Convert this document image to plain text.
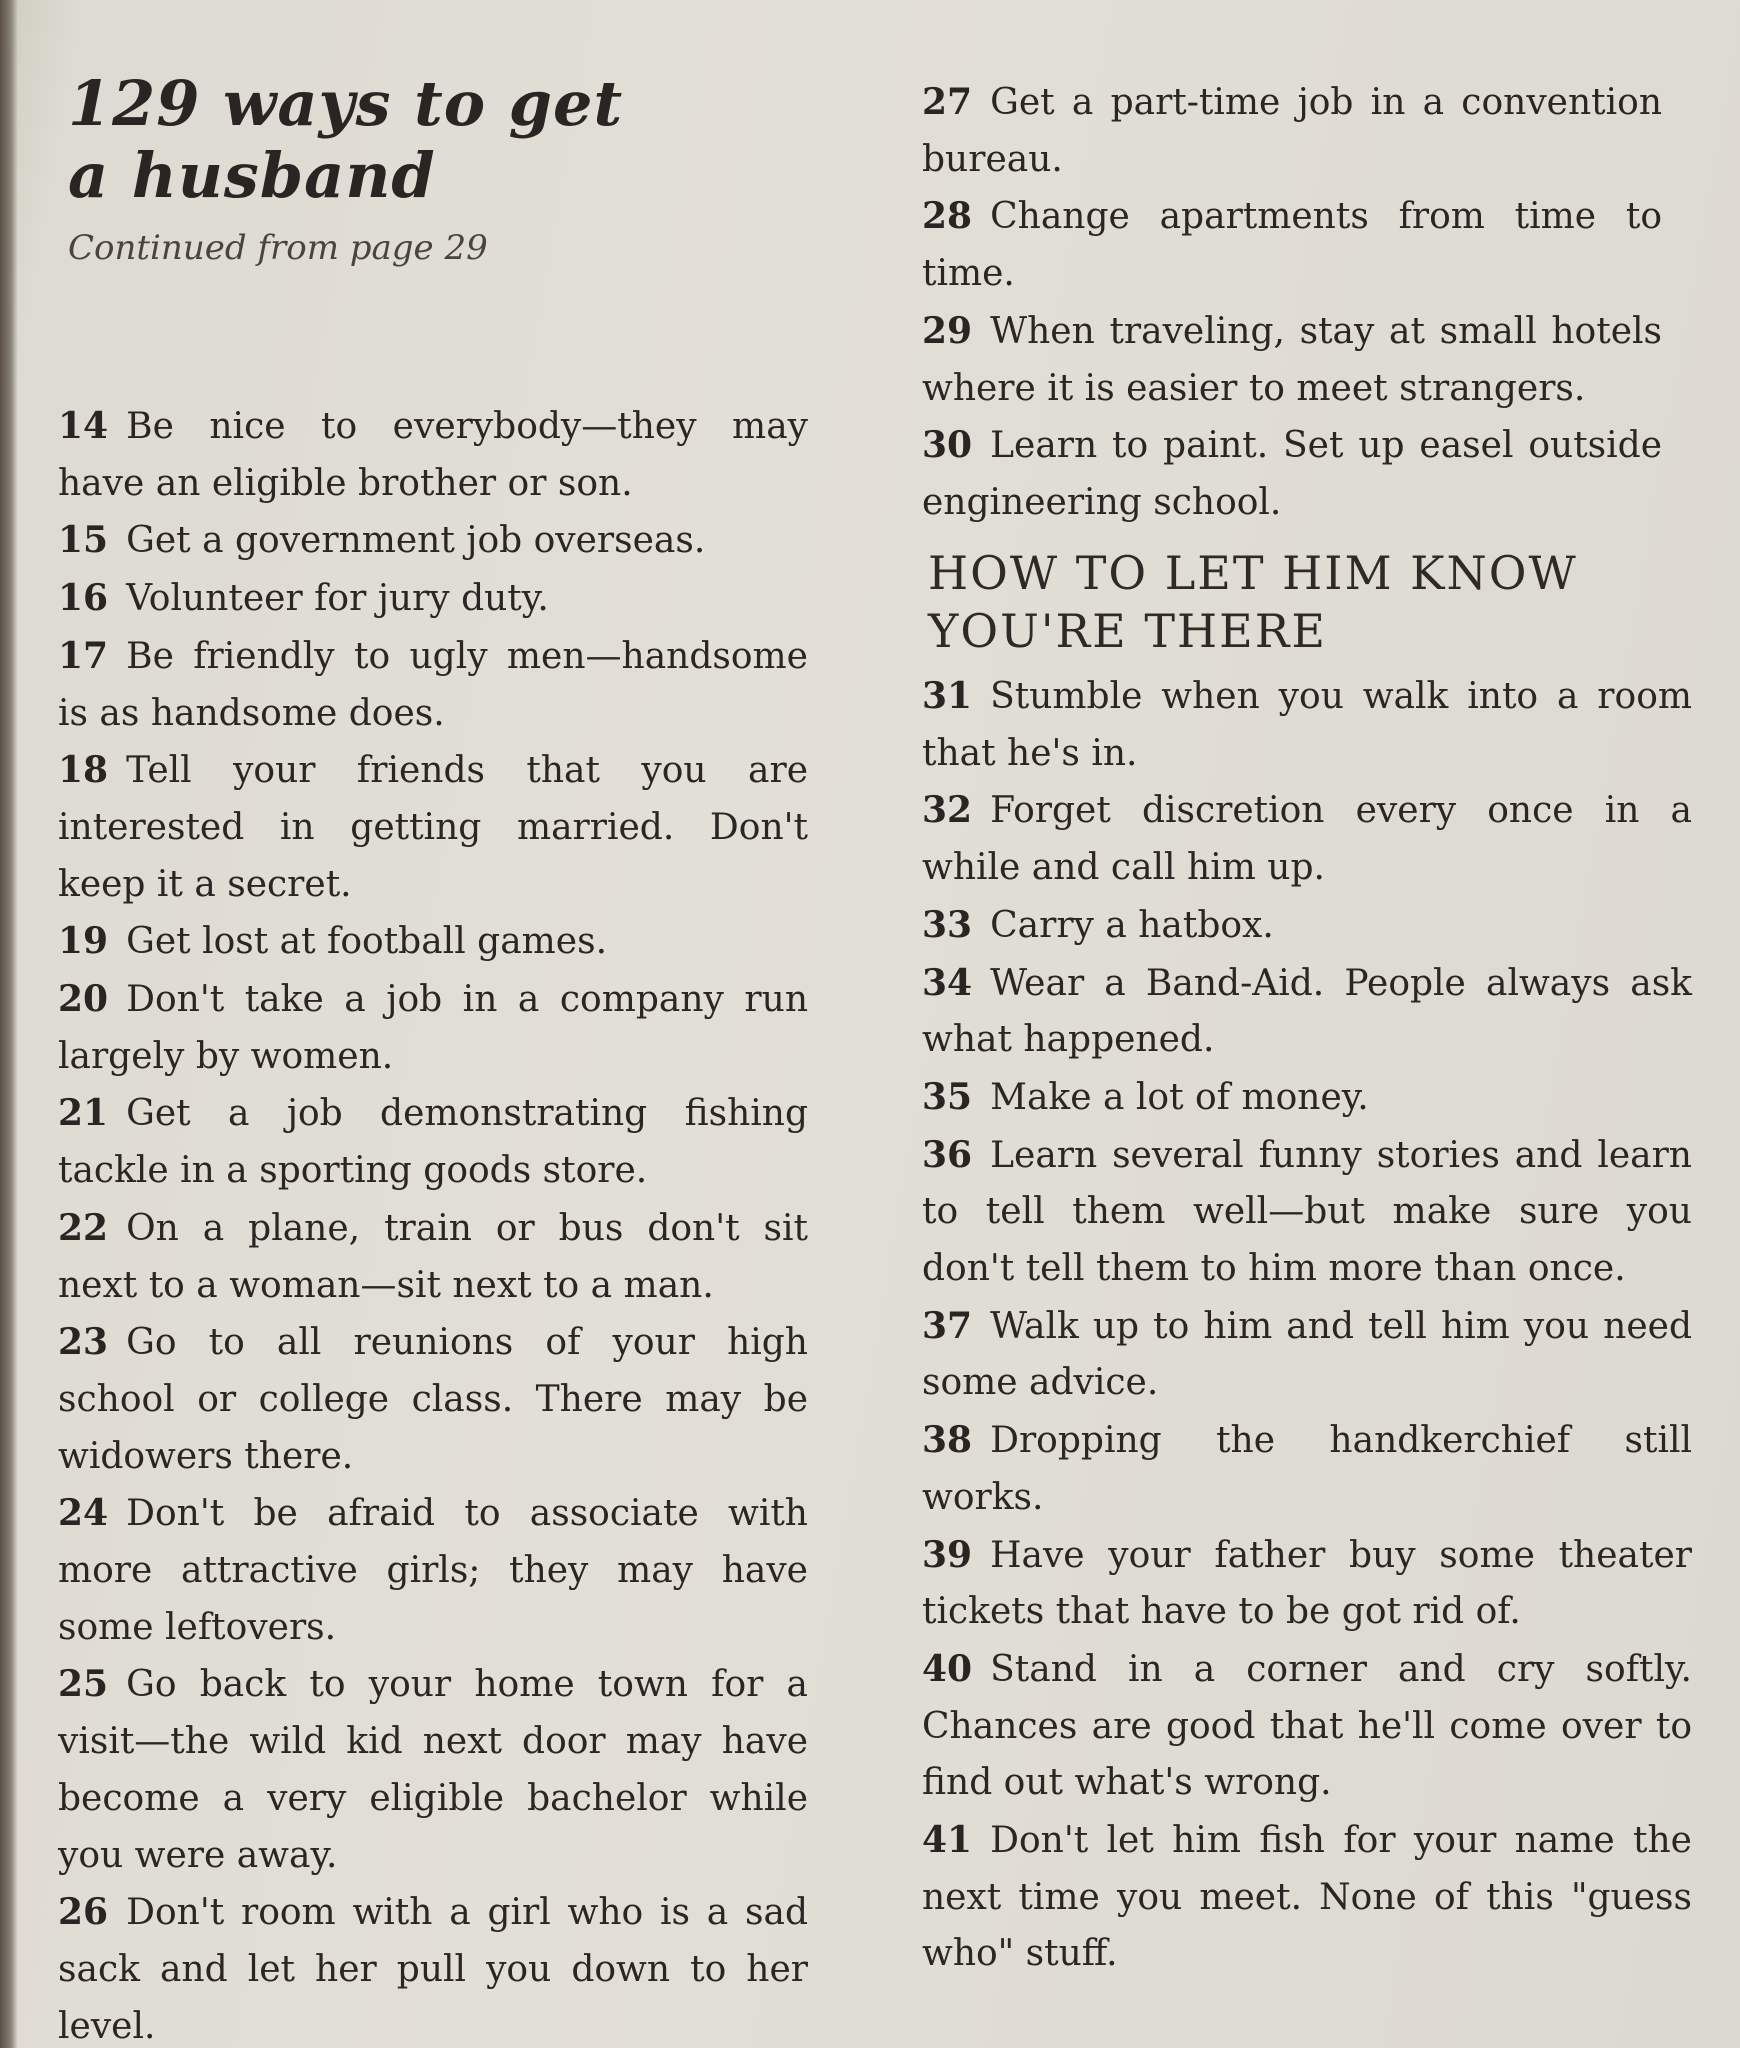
129 ways to get
a husband
Continued from page 29
14 Be nice to everybody—they may have an eligible brother or son.
15 Get a government job overseas.
16 Volunteer for jury duty.
17 Be friendly to ugly men—handsome is as handsome does.
18 Tell your friends that you are interested in getting married. Don't keep it a secret.
19 Get lost at football games.
20 Don't take a job in a company run largely by women.
21 Get a job demonstrating fishing tackle in a sporting goods store.
22 On a plane, train or bus don't sit next to a woman—sit next to a man.
23 Go to all reunions of your high school or college class. There may be widowers there.
24 Don't be afraid to associate with more attractive girls; they may have some leftovers.
25 Go back to your home town for a visit—the wild kid next door may have become a very eligible bachelor while you were away.
26 Don't room with a girl who is a sad sack and let her pull you down to her level.
27 Get a part-time job in a convention bureau.
28 Change apartments from time to time.
29 When traveling, stay at small hotels where it is easier to meet strangers.
30 Learn to paint. Set up easel outside engineering school.
HOW TO LET HIM KNOW YOU'RE THERE
31 Stumble when you walk into a room that he's in.
32 Forget discretion every once in a while and call him up.
33 Carry a hatbox.
34 Wear a Band-Aid. People always ask what happened.
35 Make a lot of money.
36 Learn several funny stories and learn to tell them well—but make sure you don't tell them to him more than once.
37 Walk up to him and tell him you need some advice.
38 Dropping the handkerchief still works.
39 Have your father buy some theater tickets that have to be got rid of.
40 Stand in a corner and cry softly. Chances are good that he'll come over to find out what's wrong.
41 Don't let him fish for your name the next time you meet. None of this "guess who" stuff.
